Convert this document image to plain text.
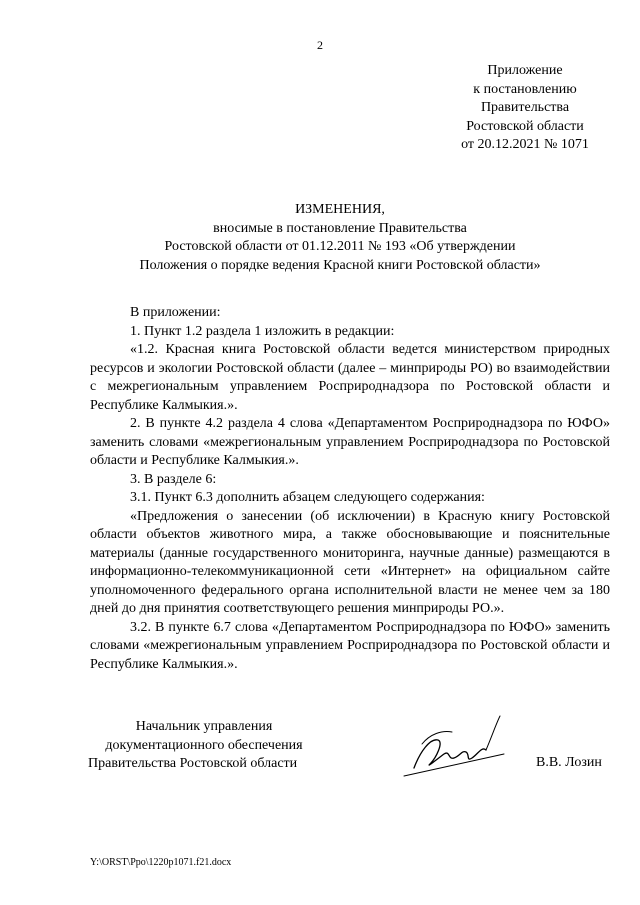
2
Приложение
к постановлению
Правительства
Ростовской области
от 20.12.2021 № 1071
ИЗМЕНЕНИЯ,
вносимые в постановление Правительства
Ростовской области от 01.12.2011 № 193 «Об утверждении
Положения о порядке ведения Красной книги Ростовской области»

В приложении:

1. Пункт 1.2 раздела 1 изложить в редакции:

«1.2. Красная книга Ростовской области ведется министерством природных ресурсов и экологии Ростовской области (далее – минприроды РО) во взаимодействии с межрегиональным управлением Росприроднадзора по Ростовской области и Республике Калмыкия.».

2. В пункте 4.2 раздела 4 слова «Департаментом Росприроднадзора по ЮФО» заменить словами «межрегиональным управлением Росприроднадзора по Ростовской области и Республике Калмыкия.».

3. В разделе 6:

3.1. Пункт 6.3 дополнить абзацем следующего содержания:

«Предложения о занесении (об исключении) в Красную книгу Ростовской области объектов животного мира, а также обосновывающие и пояснительные материалы (данные государственного мониторинга, научные данные) размещаются в информационно-телекоммуникационной сети «Интернет» на официальном сайте уполномоченного федерального органа исполнительной власти не менее чем за 180 дней до дня принятия соответствующего решения минприроды РО.».

3.2. В пункте 6.7 слова «Департаментом Росприроднадзора по ЮФО» заменить словами «межрегиональным управлением Росприроднадзора по Ростовской области и Республике Калмыкия.».

Начальник управления
документационного обеспечения
Правительства Ростовской области	В.В. Лозин
Y:\ORST\Ppo\1220p1071.f21.docx
